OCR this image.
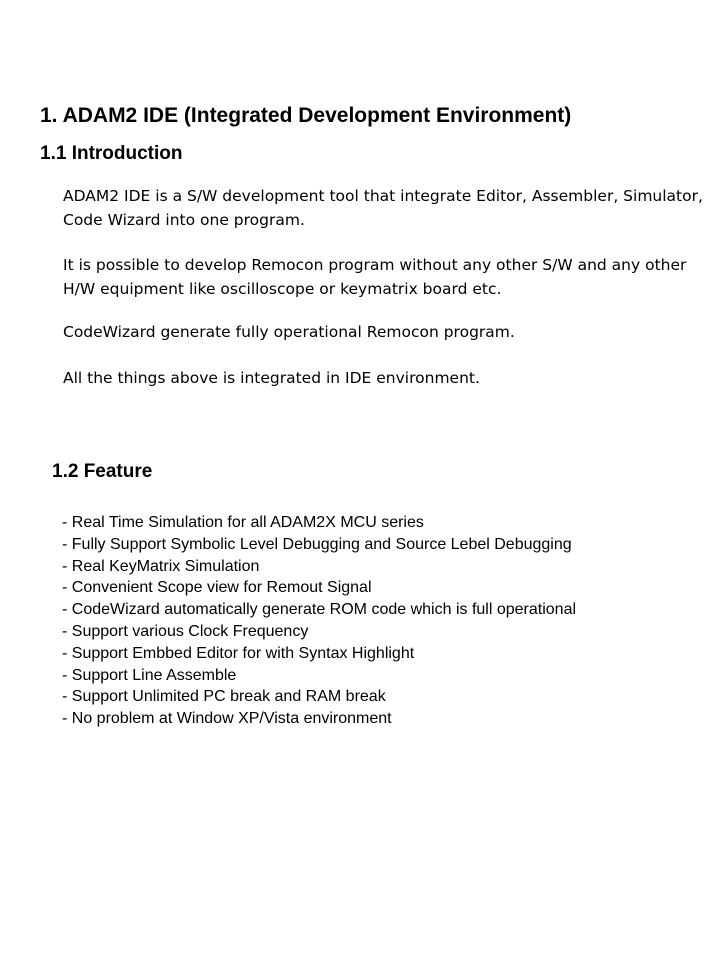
1. ADAM2 IDE (Integrated Development Environment)
1.1 Introduction
ADAM2 IDE is a S/W development tool that integrate Editor, Assembler, Simulator, Code Wizard into one program.
It is possible to develop Remocon program without any other S/W and any other H/W equipment like oscilloscope or keymatrix board etc.
CodeWizard generate fully operational Remocon program.
All the things above is integrated in IDE environment.
1.2 Feature
- Real Time Simulation for all ADAM2X MCU series
- Fully Support Symbolic Level Debugging and Source Lebel Debugging
- Real KeyMatrix Simulation
- Convenient Scope view for Remout Signal
- CodeWizard automatically generate ROM code which is full operational
- Support various Clock Frequency
- Support Embbed Editor for with Syntax Highlight
- Support Line Assemble
- Support Unlimited PC break and RAM break
- No problem at Window XP/Vista environment
